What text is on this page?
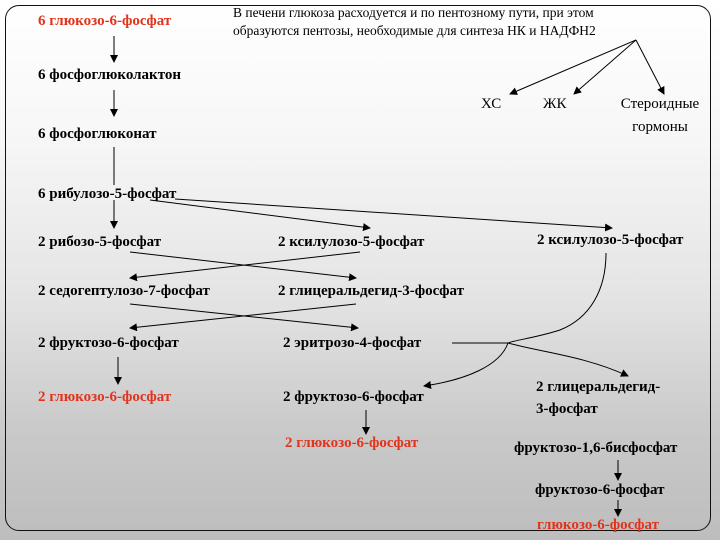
В печени глюкоза расходуется и по пентозному пути, при этом
образуются пентозы, необходимые для синтеза НК и НАДФН2
ХС	ЖК	Стероидные
гормоны
6 глюкозо-6-фосфат
6 фосфоглюколактон
6 фосфоглюконат
6 рибулозо-5-фосфат
2 рибозо-5-фосфат
2 седогептулозо-7-фосфат
2 фруктозо-6-фосфат
2 глюкозо-6-фосфат
2 ксилулозо-5-фосфат
2 глицеральдегид-3-фосфат
2 эритрозо-4-фосфат
2 фруктозо-6-фосфат
2 глюкозо-6-фосфат
2 ксилулозо-5-фосфат
2 глицеральдегид-
3-фосфат
фруктозо-1,6-бисфосфат
фруктозо-6-фосфат
глюкозо-6-фосфат
